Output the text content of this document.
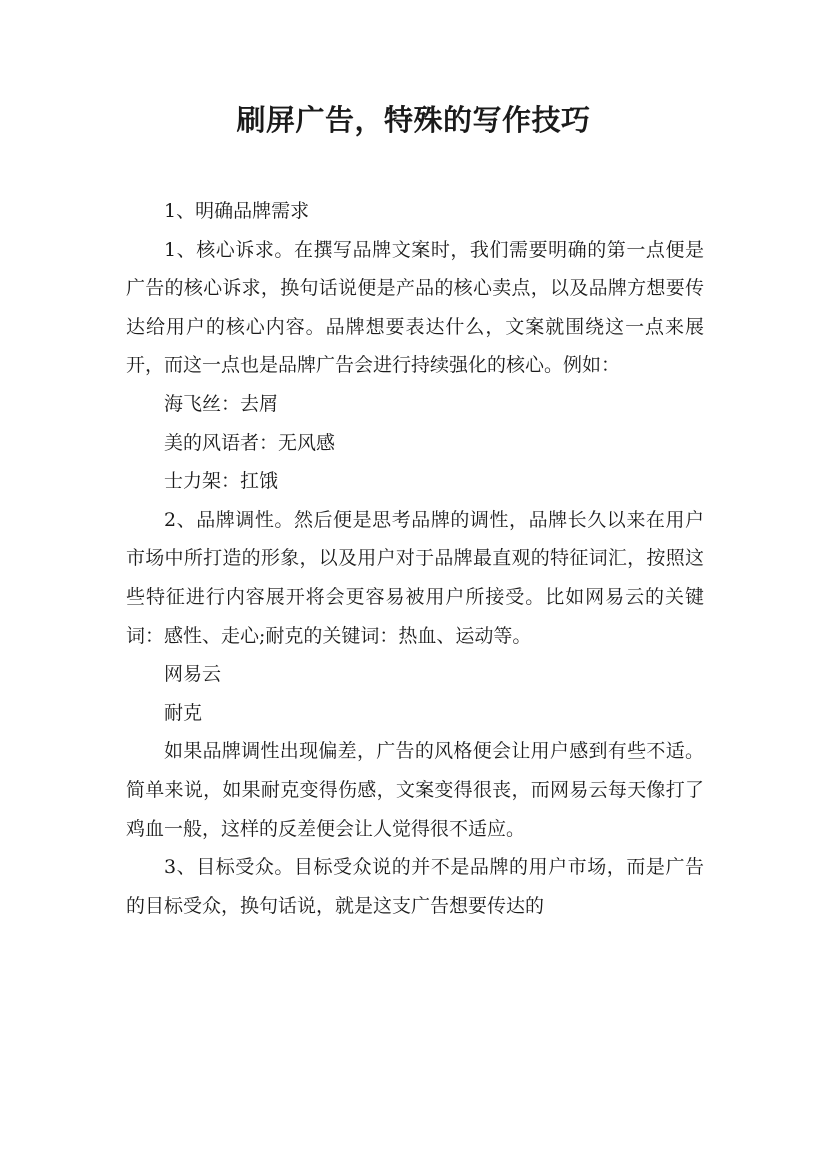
刷屏广告，特殊的写作技巧

1、明确品牌需求

1、核心诉求。在撰写品牌文案时，我们需要明确的第一点便是广告的核心诉求，换句话说便是产品的核心卖点，以及品牌方想要传达给用户的核心内容。品牌想要表达什么，文案就围绕这一点来展开，而这一点也是品牌广告会进行持续强化的核心。例如：

海飞丝：去屑

美的风语者：无风感

士力架：扛饿

2、品牌调性。然后便是思考品牌的调性，品牌长久以来在用户市场中所打造的形象，以及用户对于品牌最直观的特征词汇，按照这些特征进行内容展开将会更容易被用户所接受。比如网易云的关键词：感性、走心;耐克的关键词：热血、运动等。

网易云

耐克

如果品牌调性出现偏差，广告的风格便会让用户感到有些不适。简单来说，如果耐克变得伤感，文案变得很丧，而网易云每天像打了鸡血一般，这样的反差便会让人觉得很不适应。

3、目标受众。目标受众说的并不是品牌的用户市场，而是广告的目标受众，换句话说，就是这支广告想要传达的
